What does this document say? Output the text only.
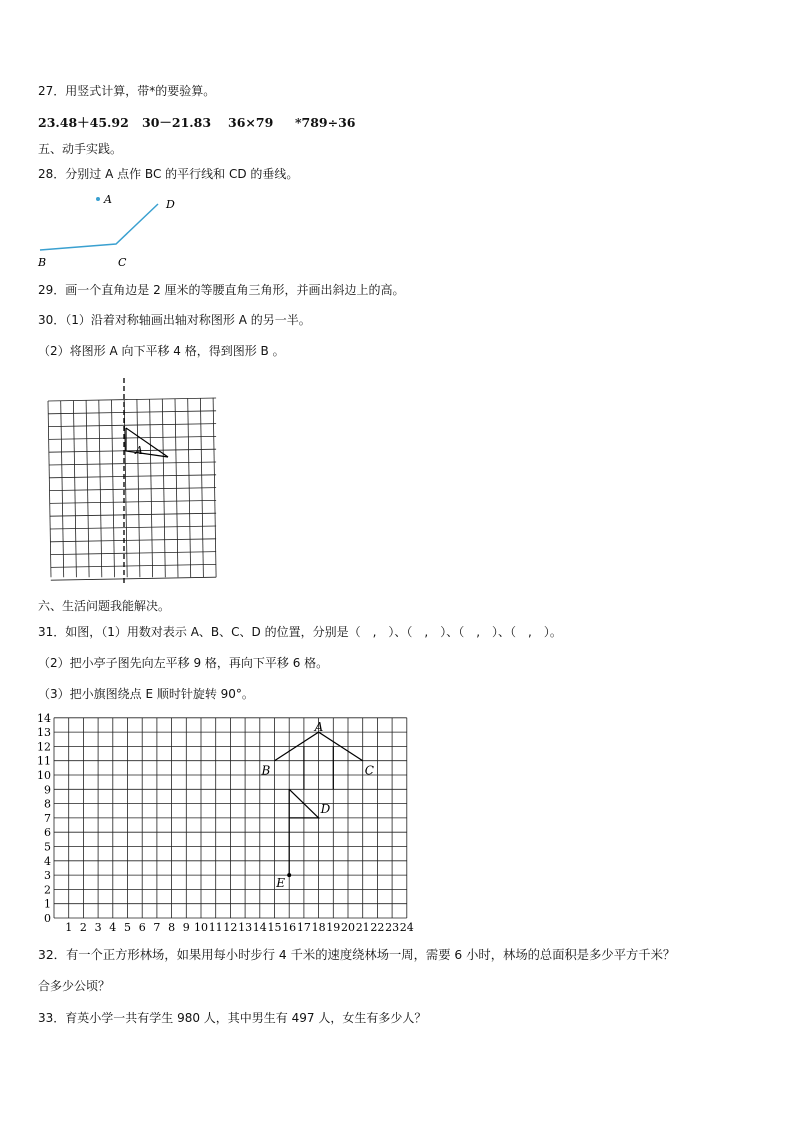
27．用竖式计算，带*的要验算。
23.48＋45.92 30－21.83 36×79 *789÷36
五、动手实践。
28．分别过 A 点作 BC 的平行线和 CD 的垂线。
A
B	C
D
29．画一个直角边是 2 厘米的等腰直角三角形，并画出斜边上的高。
30．（1）沿着对称轴画出轴对称图形 A 的另一半。
（2）将图形 A 向下平移 4 格，得到图形 B 。
A
六、生活问题我能解决。
31．如图，（1）用数对表示 A、B、C、D 的位置，分别是（　,　）、（　,　）、（　,　）、（　,　）。
（2）把小亭子图先向左平移 9 格，再向下平移 6 格。
（3）把小旗图绕点 E 顺时针旋转 90°。
0
1
2
3
4
5
6
7
8
9
10
11
12
13
14
1 2 3 4 5 6 7 8 9 10 11 12 13 14 15 16 17 18 19 20 21 22 23 24
A
B	C
D
E
32．有一个正方形林场，如果用每小时步行 4 千米的速度绕林场一周，需要 6 小时，林场的总面积是多少平方千米？
合多少公顷？
33．育英小学一共有学生 980 人，其中男生有 497 人，女生有多少人？
